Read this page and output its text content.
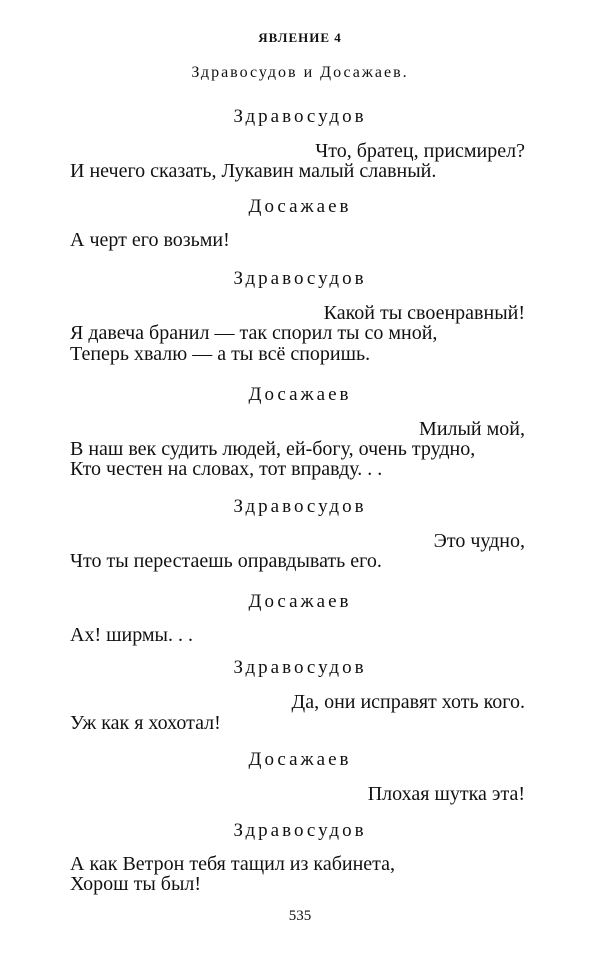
ЯВЛЕНИЕ 4
Здравосудов и Досажаев.
Здравосудов
Что, братец, присмирел?
И нечего сказать, Лукавин малый славный.
Досажаев
А черт его возьми!
Здравосудов
Какой ты своенравный!
Я давеча бранил — так спорил ты со мной,
Теперь хвалю — а ты всё споришь.
Досажаев
Милый мой,
В наш век судить людей, ей-богу, очень трудно,
Кто честен на словах, тот вправду. . .
Здравосудов
Это чудно,
Что ты перестаешь оправдывать его.
Досажаев
Ах! ширмы. . .
Здравосудов
Да, они исправят хоть кого.
Уж как я хохотал!
Досажаев
Плохая шутка эта!
Здравосудов
А как Ветрон тебя тащил из кабинета,
Хорош ты был!
535
